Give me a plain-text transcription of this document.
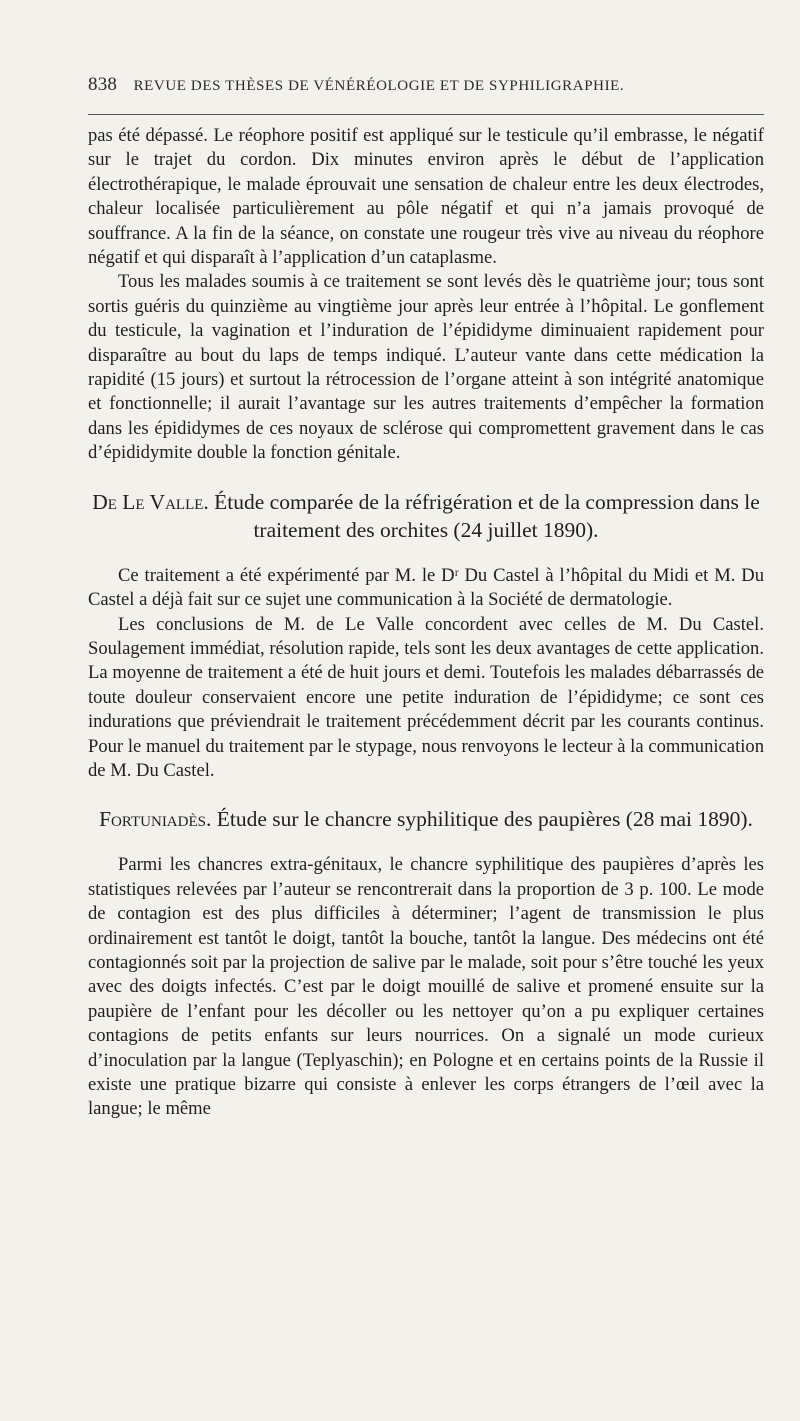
838 REVUE DES THÈSES DE VÉNÉRÉOLOGIE ET DE SYPHILIGRAPHIE.

pas été dépassé. Le réophore positif est appliqué sur le testicule qu’il embrasse, le négatif sur le trajet du cordon. Dix minutes environ après le début de l’application électrothérapique, le malade éprouvait une sensation de chaleur entre les deux électrodes, chaleur localisée particulièrement au pôle négatif et qui n’a jamais provoqué de souffrance. A la fin de la séance, on constate une rougeur très vive au niveau du réophore négatif et qui disparaît à l’application d’un cataplasme.

Tous les malades soumis à ce traitement se sont levés dès le quatrième jour; tous sont sortis guéris du quinzième au vingtième jour après leur entrée à l’hôpital. Le gonflement du testicule, la vagination et l’induration de l’épididyme diminuaient rapidement pour disparaître au bout du laps de temps indiqué. L’auteur vante dans cette médication la rapidité (15 jours) et surtout la rétrocession de l’organe atteint à son intégrité anatomique et fonctionnelle; il aurait l’avantage sur les autres traitements d’empêcher la formation dans les épididymes de ces noyaux de sclérose qui compromettent gravement dans le cas d’épididymite double la fonction génitale.

De Le Valle. Étude comparée de la réfrigération et de la compression dans le traitement des orchites (24 juillet 1890).

Ce traitement a été expérimenté par M. le Dʳ Du Castel à l’hôpital du Midi et M. Du Castel a déjà fait sur ce sujet une communication à la Société de dermatologie.

Les conclusions de M. de Le Valle concordent avec celles de M. Du Castel. Soulagement immédiat, résolution rapide, tels sont les deux avantages de cette application. La moyenne de traitement a été de huit jours et demi. Toutefois les malades débarrassés de toute douleur conservaient encore une petite induration de l’épididyme; ce sont ces indurations que préviendrait le traitement précédemment décrit par les courants continus. Pour le manuel du traitement par le stypage, nous renvoyons le lecteur à la communication de M. Du Castel.

Fortuniadès. Étude sur le chancre syphilitique des paupières (28 mai 1890).

Parmi les chancres extra-génitaux, le chancre syphilitique des paupières d’après les statistiques relevées par l’auteur se rencontrerait dans la proportion de 3 p. 100. Le mode de contagion est des plus difficiles à déterminer; l’agent de transmission le plus ordinairement est tantôt le doigt, tantôt la bouche, tantôt la langue. Des médecins ont été contagionnés soit par la projection de salive par le malade, soit pour s’être touché les yeux avec des doigts infectés. C’est par le doigt mouillé de salive et promené ensuite sur la paupière de l’enfant pour les décoller ou les nettoyer qu’on a pu expliquer certaines contagions de petits enfants sur leurs nourrices. On a signalé un mode curieux d’inoculation par la langue (Teplyaschin); en Pologne et en certains points de la Russie il existe une pratique bizarre qui consiste à enlever les corps étrangers de l’œil avec la langue; le même
